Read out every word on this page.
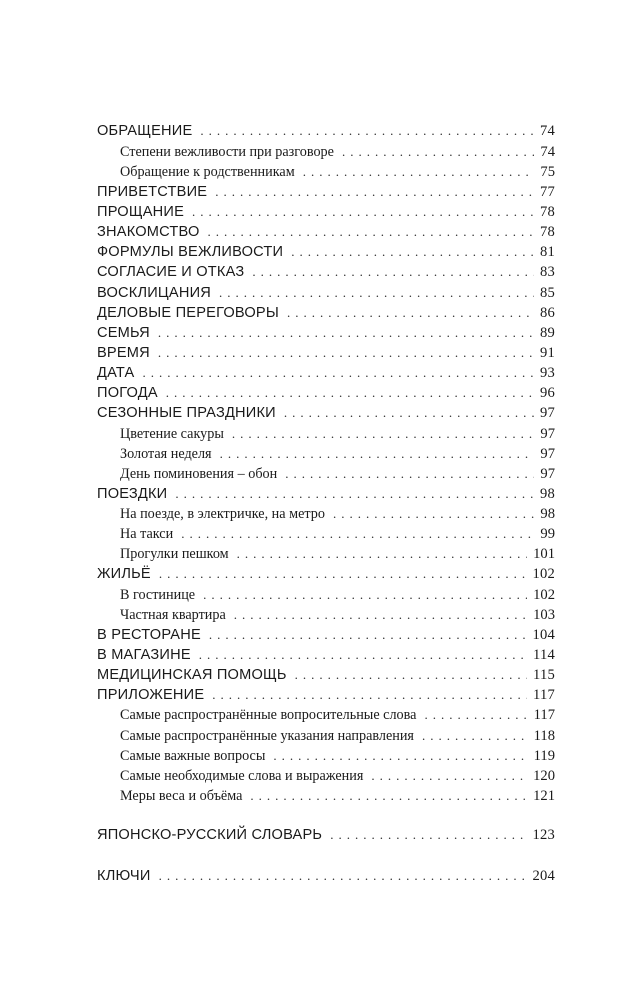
ОБРАЩЕНИЕ .....	74
Степени вежливости при разговоре .....	74
Обращение к родственникам .....	75
ПРИВЕТСТВИЕ .....	77
ПРОЩАНИЕ .....	78
ЗНАКОМСТВО .....	78
ФОРМУЛЫ ВЕЖЛИВОСТИ .....	81
СОГЛАСИЕ И ОТКАЗ .....	83
ВОСКЛИЦАНИЯ .....	85
ДЕЛОВЫЕ ПЕРЕГОВОРЫ .....	86
СЕМЬЯ .....	89
ВРЕМЯ .....	91
ДАТА .....	93
ПОГОДА .....	96
СЕЗОННЫЕ ПРАЗДНИКИ .....	97
Цветение сакуры .....	97
Золотая неделя .....	97
День поминовения – обон .....	97
ПОЕЗДКИ .....	98
На поезде, в электричке, на метро .....	98
На такси .....	99
Прогулки пешком .....	101
ЖИЛЬЁ .....	102
В гостинице .....	102
Частная квартира .....	103
В РЕСТОРАНЕ .....	104
В МАГАЗИНЕ .....	114
МЕДИЦИНСКАЯ ПОМОЩЬ .....	115
ПРИЛОЖЕНИЕ .....	117
Самые распространённые вопросительные слова .....	117
Самые распространённые указания направления .....	118
Самые важные вопросы .....	119
Самые необходимые слова и выражения .....	120
Меры веса и объёма .....	121
ЯПОНСКО-РУССКИЙ СЛОВАРЬ .....	123
КЛЮЧИ .....	204
